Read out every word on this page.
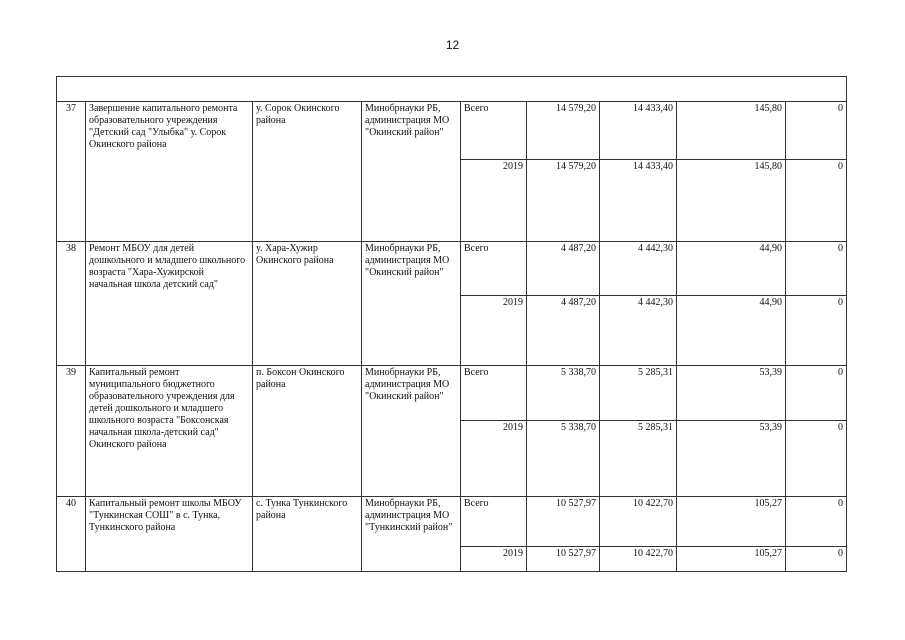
12

37	Завершение капитального ремонта образовательного учреждения "Детский сад "Улыбка" у. Сорок Окинского района	у. Сорок Окинского района	Минобрнауки РБ, администрация МО "Окинский район"	Всего	14 579,20	14 433,40	145,80	0
				2019	14 579,20	14 433,40	145,80	0
38	Ремонт МБОУ для детей дошкольного и младшего школьного возраста "Хара-Хужирской начальная школа детский сад"	у. Хара-Хужир Окинского района	Минобрнауки РБ, администрация МО "Окинский район"	Всего	4 487,20	4 442,30	44,90	0
				2019	4 487,20	4 442,30	44,90	0
39	Капитальный ремонт муниципального бюджетного образовательного учреждения для детей дошкольного и младшего школьного возраста "Боксонская начальная школа-детский сад" Окинского района	п. Боксон Окинского района	Минобрнауки РБ, администрация МО "Окинский район"	Всего	5 338,70	5 285,31	53,39	0
				2019	5 338,70	5 285,31	53,39	0
40	Капитальный ремонт школы МБОУ "Тункинская СОШ" в с. Тунка, Тункинского района	с. Тунка Тункинского района	Минобрнауки РБ, администрация МО "Тункинский район"	Всего	10 527,97	10 422,70	105,27	0
				2019	10 527,97	10 422,70	105,27	0
